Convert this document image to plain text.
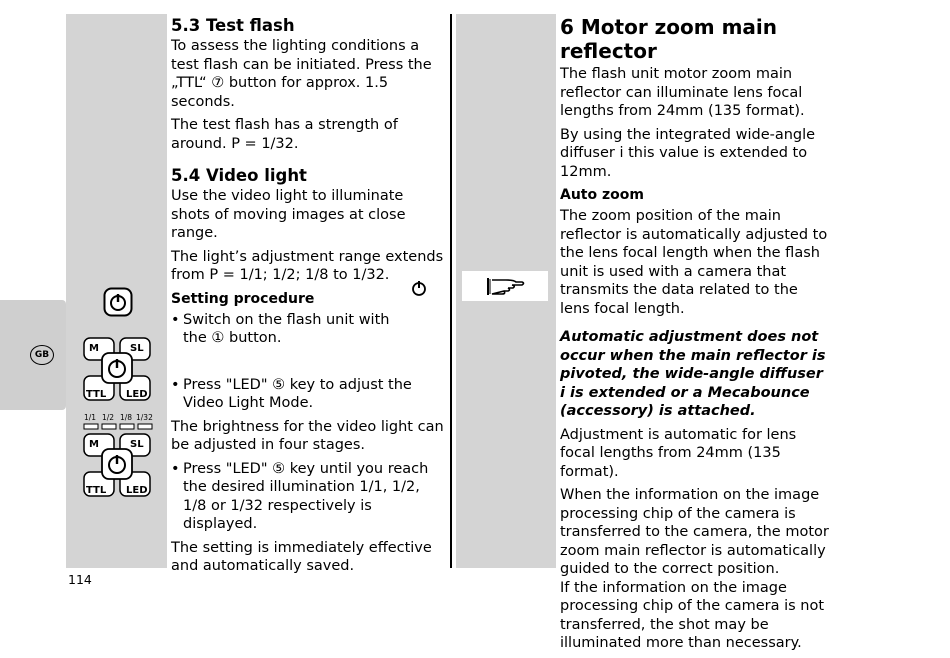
GB
M	SL
TTL LED
1/1 1/2 1/8 1/32
M	SL
TTL LED
5.3 Test flash

To assess the lighting conditions a test flash can be initiated. Press the „TTL“ ⑦ button for approx. 1.5 seconds.

The test flash has a strength of around. P = 1/32.

5.4 Video light

Use the video light to illuminate shots of moving images at close range.

The light’s adjustment range extends from P = 1/1; 1/2; 1/8 to 1/32.

Setting procedure
• Switch on the flash unit with the ① button.
• Press "LED" ⑤ key to adjust the Video Light Mode.

The brightness for the video light can be adjusted in four stages.

• Press "LED" ⑤ key until you reach the desired illumination 1/1, 1/2, 1/8 or 1/32 respectively is displayed.

The setting is immediately effective and automatically saved.

6 Motor zoom main reflector

The flash unit motor zoom main reflector can illuminate lens focal lengths from 24mm (135 format).

By using the integrated wide-angle diffuser i this value is extended to 12mm.

Auto zoom

The zoom position of the main reflector is automatically adjusted to the lens focal length when the flash unit is used with a camera that transmits the data related to the lens focal length.

Automatic adjustment does not occur when the main reflector is pivoted, the wide-angle diffuser i is extended or a Mecabounce (accessory) is attached.

Adjustment is automatic for lens focal lengths from 24mm (135 format).

When the information on the image processing chip of the camera is transferred to the camera, the motor zoom main reflector is automatically guided to the correct position.

If the information on the image processing chip of the camera is not transferred, the shot may be illuminated more than necessary.

114
